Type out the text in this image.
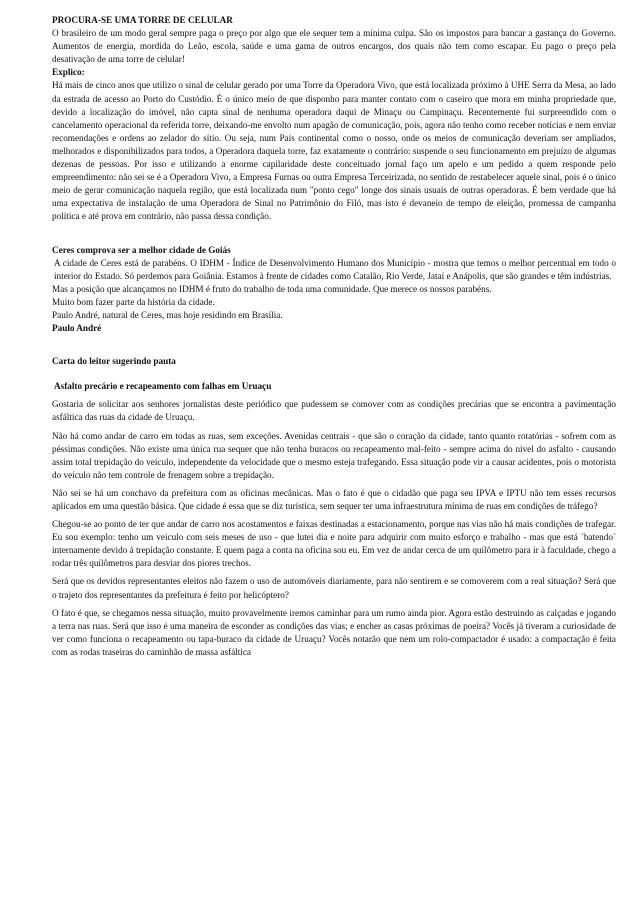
PROCURA-SE UMA TORRE DE CELULAR

O brasileiro de um modo geral sempre paga o preço por algo que ele sequer tem a mínima culpa. São os impostos para bancar a gastança do Governo. Aumentos de energia, mordida do Leão, escola, saúde e uma gama de outros encargos, dos quais não tem como escapar. Eu pago o preço pela desativação de uma torre de celular!

Explico:

Há mais de cinco anos que utilizo o sinal de celular gerado por uma Torre da Operadora Vivo, que está localizada próximo à UHE Serra da Mesa, ao lado da estrada de acesso ao Porto do Custódio. É o único meio de que disponho para manter contato com o caseiro que mora em minha propriedade que, devido a localização do imóvel, não capta sinal de nenhuma operadora daqui de Minaçu ou Campinaçu. Recentemente fui surpreendido com o cancelamento operacional da referida torre, deixando-me envolto num apagão de comunicação, pois, agora não tenho como receber notícias e nem enviar recomendações e ordens ao zelador do sítio. Ou seja, num País continental como o nosso, onde os meios de comunicação deveriam ser ampliados, melhorados e disponibilizados para todos, a Operadora daquela torre, faz exatamente o contrário: suspende o seu funcionamento em prejuízo de algumas dezenas de pessoas. Por isso e utilizando a enorme capilaridade deste conceituado jornal faço um apelo e um pedido a quem responde pelo empreendimento: não sei se é a Operadora Vivo, a Empresa Furnas ou outra Empresa Terceirizada, no sentido de restabelecer aquele sinal, pois é o único meio de gerar comunicação naquela região, que está localizada num "ponto cego" longe dos sinais usuais de outras operadoras. É bem verdade que há uma expectativa de instalação de uma Operadora de Sinal no Patrimônio do Filó, mas isto é devaneio de tempo de eleição, promessa de campanha política e até prova em contrário, não passa dessa condição.

Ceres comprova ser a melhor cidade de Goiás

A cidade de Ceres está de parabéns. O IDHM - Índice de Desenvolvimento Humano dos Município - mostra que temos o melhor percentual em todo o interior do Estado. Só perdemos para Goiânia. Estamos à frente de cidades como Catalão, Rio Verde, Jataí e Anápolis, que são grandes e têm indústrias.

Mas a posição que alcançamos no IDHM é fruto do trabalho de toda uma comunidade. Que merece os nossos parabéns.

Muito bom fazer parte da história da cidade.

Paulo André, natural de Ceres, mas hoje residindo em Brasília.

Paulo André

Carta do leitor sugerindo pauta

Asfalto precário e recapeamento com falhas em Uruaçu

Gostaria de solicitar aos senhores jornalistas deste periódico que pudessem se comover com as condições precárias que se encontra a pavimentação asfáltica das ruas da cidade de Uruaçu.

Não há como andar de carro em todas as ruas, sem exceções. Avenidas centrais - que são o coração da cidade, tanto quanto rotatórias - sofrem com as péssimas condições. Não existe uma única rua sequer que não tenha buracos ou recapeamento mal-feito - sempre acima do nível do asfalto - causando assim total trepidação do veículo, independente da velocidade que o mesmo esteja trafegando. Essa situação pode vir a causar acidentes, pois o motorista do veículo não tem controle de frenagem sobre a trepidação.

Não sei se há um conchavo da prefeitura com as oficinas mecânicas. Mas o fato é que o cidadão que paga seu IPVA e IPTU não tem esses recursos aplicados em uma questão básica. Que cidade é essa que se diz turística, sem sequer ter uma infraestrutura mínima de ruas em condições de tráfego?

Chegou-se ao ponto de ter que andar de carro nos acostamentos e faixas destinadas a estacionamento, porque nas vias não há mais condições de trafegar. Eu sou exemplo: tenho um veiculo com seis meses de uso - que lutei dia e noite para adquirir com muito esforço e trabalho - mas que está ´batendo´ internamente devido à trepidação constante. E quem paga a conta na oficina sou eu. Em vez de andar cerca de um quilômetro para ir à faculdade, chego a rodar três quilômetros para desviar dos piores trechos.

Será que os devidos representantes eleitos não fazem o uso de automóveis diariamente, para não sentirem e se comoverem com a real situação? Será que o trajeto dos representantes da prefeitura é feito por helicóptero?

O fato é que, se chegamos nessa situação, muito provavelmente iremos caminhar para um rumo ainda pior. Agora estão destruindo as calçadas e jogando a terra nas ruas. Será que isso é uma maneira de esconder as condições das vias; e encher as casas próximas de poeira? Vocês já tiveram a curiosidade de ver como funciona o recapeamento ou tapa-buraco da cidade de Uruaçu? Vocês notarão que nem um rolo-compactador é usado: a compactação é feita com as rodas traseiras do caminhão de massa asfáltica
